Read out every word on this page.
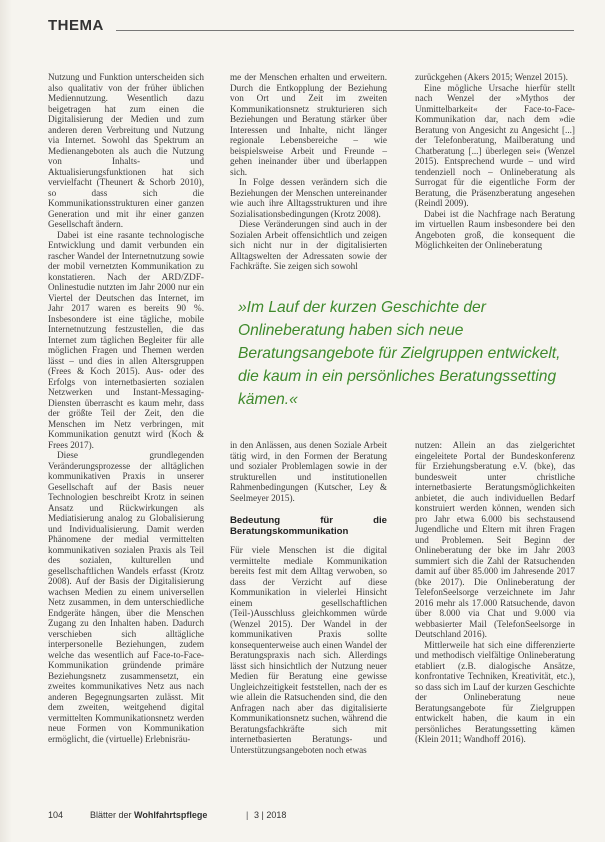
THEMA

Nutzung und Funktion unterscheiden sich also qualitativ von der früher üblichen Mediennutzung. Wesentlich dazu beigetragen hat zum einen die Digitalisierung der Medien und zum anderen deren Verbreitung und Nutzung via Internet. Sowohl das Spektrum an Medienangeboten als auch die Nutzung von Inhalts- und Aktualisierungsfunktionen hat sich vervielfacht (Theunert & Schorb 2010), so dass sich die Kommunikationsstrukturen einer ganzen Generation und mit ihr einer ganzen Gesellschaft ändern.

Dabei ist eine rasante technologische Entwicklung und damit verbunden ein rascher Wandel der Internetnutzung sowie der mobil vernetzten Kommunikation zu konstatieren. Nach der ARD/ZDF-Onlinestudie nutzten im Jahr 2000 nur ein Viertel der Deutschen das Internet, im Jahr 2017 waren es bereits 90 %. Insbesondere ist eine tägliche, mobile Internetnutzung festzustellen, die das Internet zum täglichen Begleiter für alle möglichen Fragen und Themen werden lässt – und dies in allen Altersgruppen (Frees & Koch 2015). Aus- oder des Erfolgs von internetbasierten sozialen Netzwerken und Instant-Messaging-Diensten überrascht es kaum mehr, dass der größte Teil der Zeit, den die Menschen im Netz verbringen, mit Kommunikation genutzt wird (Koch & Frees 2017).

Diese grundlegenden Veränderungsprozesse der alltäglichen kommunikativen Praxis in unserer Gesellschaft auf der Basis neuer Technologien beschreibt Krotz in seinen Ansatz und Rückwirkungen als Mediatisierung analog zu Globalisierung und Individualisierung. Damit werden Phänomene der medial vermittelten kommunikativen sozialen Praxis als Teil des sozialen, kulturellen und gesellschaftlichen Wandels erfasst (Krotz 2008). Auf der Basis der Digitalisierung wachsen Medien zu einem universellen Netz zusammen, in dem unterschiedliche Endgeräte hängen, über die Menschen Zugang zu den Inhalten haben. Dadurch verschieben sich alltägliche interpersonelle Beziehungen, zudem welche das wesentlich auf Face-to-Face-Kommunikation gründende primäre Beziehungsnetz zusammensetzt, ein zweites kommunikatives Netz aus nach anderen Begegnungsarten zulässt. Mit dem zweiten, weitgehend digital vermittelten Kommunikationsnetz werden neue Formen von Kommunikation ermöglicht, die (virtuelle) Erlebnisräu-

me der Menschen erhalten und erweitern. Durch die Entkopplung der Beziehung von Ort und Zeit im zweiten Kommunikationsnetz strukturieren sich Beziehungen und Beratung stärker über Interessen und Inhalte, nicht länger regionale Lebensbereiche – wie beispielsweise Arbeit und Freunde – gehen ineinander über und überlappen sich.

In Folge dessen verändern sich die Beziehungen der Menschen untereinander wie auch ihre Alltagsstrukturen und ihre Sozialisationsbedingungen (Krotz 2008).

Diese Veränderungen sind auch in der Sozialen Arbeit offensichtlich und zeigen sich nicht nur in der digitalisierten Alltagswelten der Adressaten sowie der Fachkräfte. Sie zeigen sich sowohl

zurückgehen (Akers 2015; Wenzel 2015).

Eine mögliche Ursache hierfür stellt nach Wenzel der »Mythos der Unmittelbarkeit« der Face-to-Face-Kommunikation dar, nach dem »die Beratung von Angesicht zu Angesicht [...] der Telefonberatung, Mailberatung und Chatberatung [...] überlegen sei« (Wenzel 2015). Entsprechend wurde – und wird tendenziell noch – Onlineberatung als Surrogat für die eigentliche Form der Beratung, die Präsenzberatung angesehen (Reindl 2009).

Dabei ist die Nachfrage nach Beratung im virtuellen Raum insbesondere bei den Angeboten groß, die konsequent die Möglichkeiten der Onlineberatung

»Im Lauf der kurzen Geschichte der Onlineberatung haben sich neue Beratungsangebote für Zielgruppen entwickelt, die kaum in ein persönliches Beratungssetting kämen.«

in den Anlässen, aus denen Soziale Arbeit tätig wird, in den Formen der Beratung und sozialer Problemlagen sowie in der strukturellen und institutionellen Rahmenbedingungen (Kutscher, Ley & Seelmeyer 2015).

Bedeutung für die Beratungskommunikation

Für viele Menschen ist die digital vermittelte mediale Kommunikation bereits fest mit dem Alltag verwoben, so dass der Verzicht auf diese Kommunikation in vielerlei Hinsicht einem gesellschaftlichen (Teil-)Ausschluss gleichkommen würde (Wenzel 2015). Der Wandel in der kommunikativen Praxis sollte konsequenterweise auch einen Wandel der Beratungspraxis nach sich. Allerdings lässt sich hinsichtlich der Nutzung neuer Medien für Beratung eine gewisse Ungleichzeitigkeit feststellen, nach der es wie allein die Ratsuchenden sind, die den Anfragen nach aber das digitalisierte Kommunikationsnetz suchen, während die Beratungsfachkräfte sich mit internetbasierten Beratungs- und Unterstützungsangeboten noch etwas

nutzen: Allein an das zielgerichtet eingeleitete Portal der Bundeskonferenz für Erziehungsberatung e.V. (bke), das bundesweit unter christliche internetbasierte Beratungsmöglichkeiten anbietet, die auch individuellen Bedarf konstruiert werden können, wenden sich pro Jahr etwa 6.000 bis sechstausend Jugendliche und Eltern mit ihren Fragen und Problemen. Seit Beginn der Onlineberatung der bke im Jahr 2003 summiert sich die Zahl der Ratsuchenden damit auf über 85.000 im Jahresende 2017 (bke 2017). Die Onlineberatung der TelefonSeelsorge verzeichnete im Jahr 2016 mehr als 17.000 Ratsuchende, davon über 8.000 via Chat und 9.000 via webbasierter Mail (TelefonSeelsorge in Deutschland 2016).

Mittlerweile hat sich eine differenzierte und methodisch vielfältige Onlineberatung etabliert (z.B. dialogische Ansätze, konfrontative Techniken, Kreativität, etc.), so dass sich im Lauf der kurzen Geschichte der Onlineberatung neue Beratungsangebote für Zielgruppen entwickelt haben, die kaum in ein persönliches Beratungssetting kämen (Klein 2011; Wandhoff 2016).

104	Blätter der Wohlfahrtspflege	| 3 | 2018
